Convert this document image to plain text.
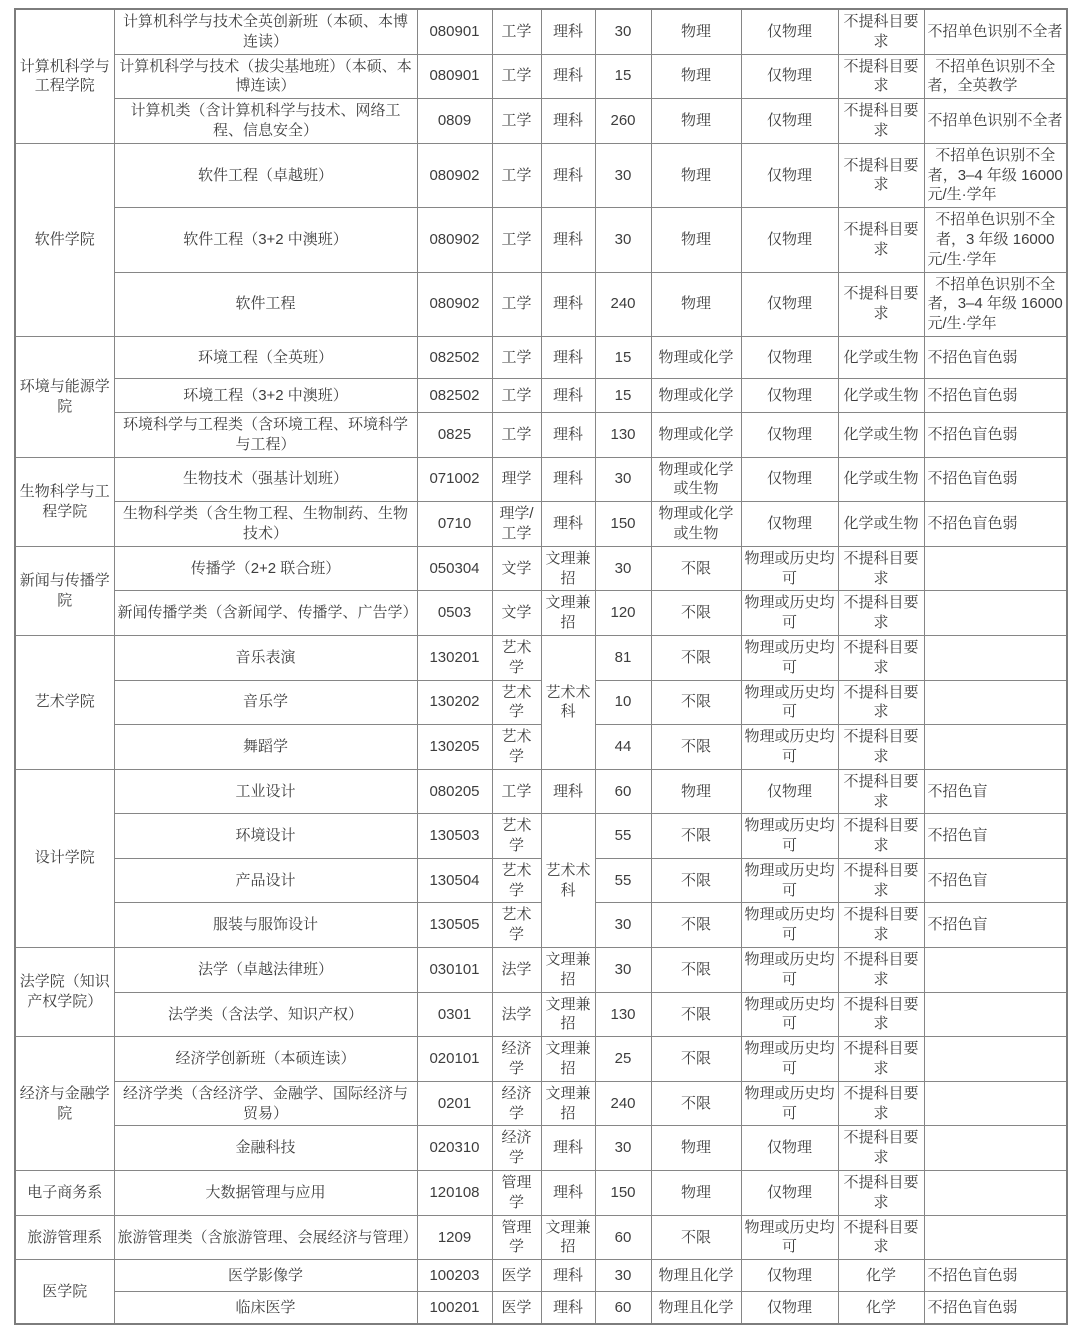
计算机科学与工程学院	计算机科学与技术全英创新班（本硕、本博连读）	080901	工学	理科	30	物理	仅物理	不提科目要求	不招单色识别不全者
	计算机科学与技术（拔尖基地班）（本硕、本博连读）	080901	工学	理科	15	物理	仅物理	不提科目要求	不招单色识别不全者，全英教学
	计算机类（含计算机科学与技术、网络工程、信息安全）	0809	工学	理科	260	物理	仅物理	不提科目要求	不招单色识别不全者
软件学院	软件工程（卓越班）	080902	工学	理科	30	物理	仅物理	不提科目要求	不招单色识别不全者，3–4 年级 16000 元/生·学年
	软件工程（3+2 中澳班）	080902	工学	理科	30	物理	仅物理	不提科目要求	不招单色识别不全者，3 年级 16000 元/生·学年
	软件工程	080902	工学	理科	240	物理	仅物理	不提科目要求	不招单色识别不全者，3–4 年级 16000 元/生·学年
环境与能源学院	环境工程（全英班）	082502	工学	理科	15	物理或化学	仅物理	化学或生物	不招色盲色弱
	环境工程（3+2 中澳班）	082502	工学	理科	15	物理或化学	仅物理	化学或生物	不招色盲色弱
	环境科学与工程类（含环境工程、环境科学与工程）	0825	工学	理科	130	物理或化学	仅物理	化学或生物	不招色盲色弱
生物科学与工程学院	生物技术（强基计划班）	071002	理学	理科	30	物理或化学或生物	仅物理	化学或生物	不招色盲色弱
	生物科学类（含生物工程、生物制药、生物技术）	0710	理学/工学	理科	150	物理或化学或生物	仅物理	化学或生物	不招色盲色弱
新闻与传播学院	传播学（2+2 联合班）	050304	文学	文理兼招	30	不限	物理或历史均可	不提科目要求	
	新闻传播学类（含新闻学、传播学、广告学）	0503	文学	文理兼招	120	不限	物理或历史均可	不提科目要求	
艺术学院	音乐表演	130201	艺术学	艺术术科	81	不限	物理或历史均可	不提科目要求	
	音乐学	130202	艺术学		10	不限	物理或历史均可	不提科目要求	
	舞蹈学	130205	艺术学		44	不限	物理或历史均可	不提科目要求	
设计学院	工业设计	080205	工学	理科	60	物理	仅物理	不提科目要求	不招色盲
	环境设计	130503	艺术学	艺术术科	55	不限	物理或历史均可	不提科目要求	不招色盲
	产品设计	130504	艺术学		55	不限	物理或历史均可	不提科目要求	不招色盲
	服装与服饰设计	130505	艺术学		30	不限	物理或历史均可	不提科目要求	不招色盲
法学院（知识产权学院）	法学（卓越法律班）	030101	法学	文理兼招	30	不限	物理或历史均可	不提科目要求	
	法学类（含法学、知识产权）	0301	法学	文理兼招	130	不限	物理或历史均可	不提科目要求	
经济与金融学院	经济学创新班（本硕连读）	020101	经济学	文理兼招	25	不限	物理或历史均可	不提科目要求	
	经济学类（含经济学、金融学、国际经济与贸易）	0201	经济学	文理兼招	240	不限	物理或历史均可	不提科目要求	
	金融科技	020310	经济学	理科	30	物理	仅物理	不提科目要求	
电子商务系	大数据管理与应用	120108	管理学	理科	150	物理	仅物理	不提科目要求	
旅游管理系	旅游管理类（含旅游管理、会展经济与管理）	1209	管理学	文理兼招	60	不限	物理或历史均可	不提科目要求	
医学院	医学影像学	100203	医学	理科	30	物理且化学	仅物理	化学	不招色盲色弱
	临床医学	100201	医学	理科	60	物理且化学	仅物理	化学	不招色盲色弱
